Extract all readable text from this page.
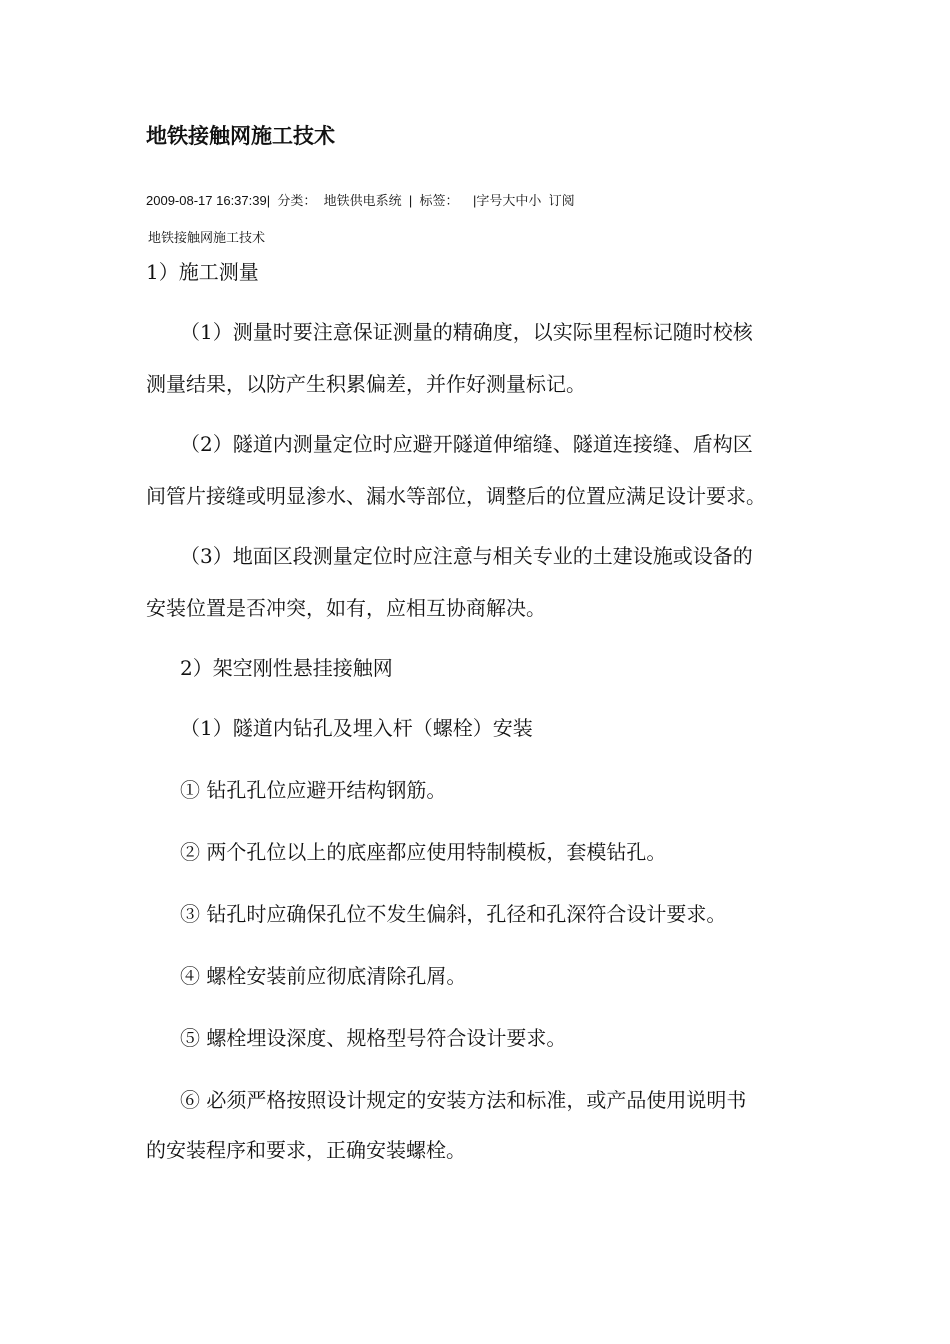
地铁接触网施工技术
2009-08-17 16:37:39| 分类： 地铁供电系统 | 标签： |字号大中小 订阅
地铁接触网施工技术
1）施工测量
（1）测量时要注意保证测量的精确度，以实际里程标记随时校核
测量结果，以防产生积累偏差，并作好测量标记。
（2）隧道内测量定位时应避开隧道伸缩缝、隧道连接缝、盾构区
间管片接缝或明显渗水、漏水等部位，调整后的位置应满足设计要求。
（3）地面区段测量定位时应注意与相关专业的土建设施或设备的
安装位置是否冲突，如有，应相互协商解决。
2）架空刚性悬挂接触网
（1）隧道内钻孔及埋入杆（螺栓）安装
① 钻孔孔位应避开结构钢筋。
② 两个孔位以上的底座都应使用特制模板，套模钻孔。
③ 钻孔时应确保孔位不发生偏斜，孔径和孔深符合设计要求。
④ 螺栓安装前应彻底清除孔屑。
⑤ 螺栓埋设深度、规格型号符合设计要求。
⑥ 必须严格按照设计规定的安装方法和标准，或产品使用说明书
的安装程序和要求，正确安装螺栓。
